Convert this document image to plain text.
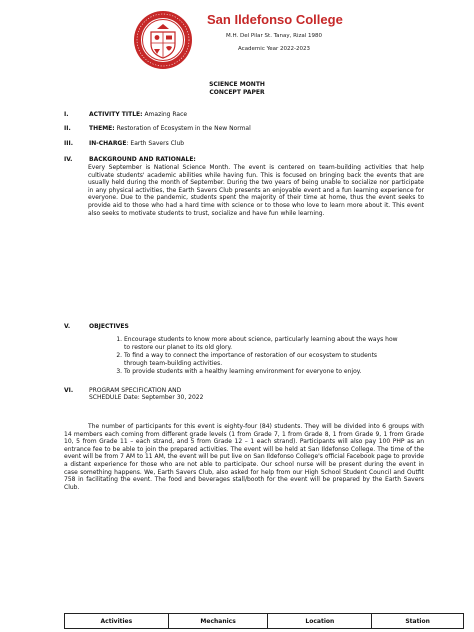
San Ildefonso College
M.H. Del Pilar St. Tanay, Rizal 1980
Academic Year 2022-2023
SCIENCE MONTH
CONCEPT PAPER
I.	ACTIVITY TITLE: Amazing Race
II.	THEME: Restoration of Ecosystem in the New Normal
III.	IN-CHARGE: Earth Savers Club
IV.	BACKGROUND AND RATIONALE:
Every September is National Science Month. The event is centered on team-building activities that help cultivate students' academic abilities while having fun. This is focused on bringing back the events that are usually held during the month of September. During the two years of being unable to socialize nor participate in any physical activities, the Earth Savers Club presents an enjoyable event and a fun learning experience for everyone. Due to the pandemic, students spent the majority of their time at home, thus the event seeks to provide aid to those who had a hard time with science or to those who love to learn more about it. This event also seeks to motivate students to trust, socialize and have fun while learning.
V.	OBJECTIVES
1. Encourage students to know more about science, particularly learning about the ways how to restore our planet to its old glory.
2. To find a way to connect the importance of restoration of our ecosystem to students through team-building activities.
3. To provide students with a healthy learning environment for everyone to enjoy.
VI.	PROGRAM SPECIFICATION AND
SCHEDULE Date: September 30, 2022
The number of participants for this event is eighty-four (84) students. They will be divided into 6 groups with 14 members each coming from different grade levels (1 from Grade 7, 1 from Grade 8, 1 from Grade 9, 1 from Grade 10, 5 from Grade 11 – each strand, and 5 from Grade 12 – 1 each strand). Participants will also pay 100 PHP as an entrance fee to be able to join the prepared activities. The event will be held at San Ildefonso College. The time of the event will be from 7 AM to 11 AM, the event will be put live on San Ildefonso College's official Facebook page to provide a distant experience for those who are not able to participate. Our school nurse will be present during the event in case something happens. We, Earth Savers Club, also asked for help from our High School Student Council and Outfit 758 in facilitating the event. The food and beverages stall/booth for the event will be prepared by the Earth Savers Club.
Activities	Mechanics	Location	Station
